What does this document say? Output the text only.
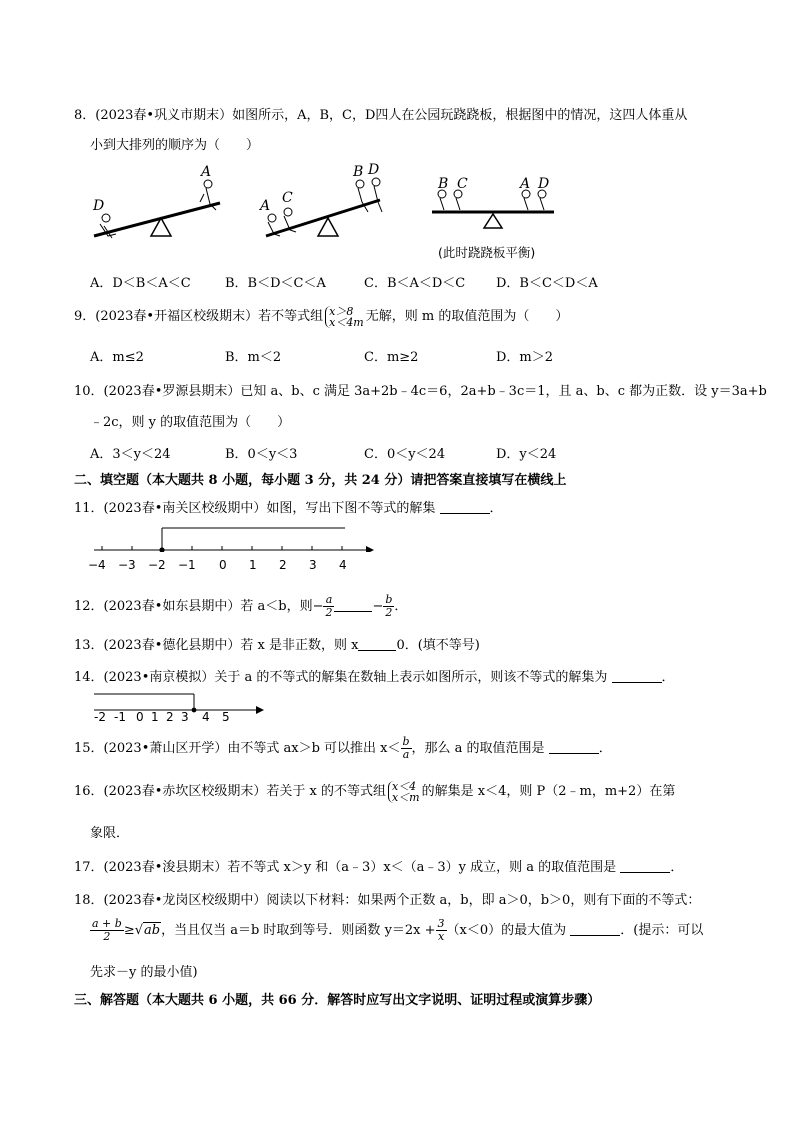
8．(2023春•巩义市期末）如图所示，A，B，C，D四人在公园玩跷跷板，根据图中的情况，这四人体重从
小到大排列的顺序为（　　）
D
A
A C
B D
B C	A D
(此时跷跷板平衡)
A．D＜B＜A＜C	B．B＜D＜C＜A	C．B＜A＜D＜C D．B＜C＜D＜A
9．(2023春•开福区校级期末）若不等式组 x＞8
x＜4m 无解，则 m 的取值范围为（　　）
A．m≤2	B．m＜2	C．m≥2	D．m＞2
10．(2023春•罗源县期末）已知 a、b、c 满足 3a+2b﹣4c＝6，2a+b﹣3c＝1，且 a、b、c 都为正数．设 y＝3a+b
﹣2c，则 y 的取值范围为（　　）
A．3＜y＜24	B．0＜y＜3	C．0＜y＜24	D．y＜24
二、填空题（本大题共 8 小题，每小题 3 分，共 24 分）请把答案直接填写在横线上
11．(2023春•南关区校级期中）如图，写出下图不等式的解集	．
−4 −3 −2 −1 0 1 2 3 4
12．(2023春•如东县期中）若 a＜b，则− $\frac{a}{2}$	− $\frac{b}{2}$ ．
13．(2023春•德化县期中）若 x 是非正数，则 x	0．(填不等号)
14．(2023•南京模拟）关于 a 的不等式的解集在数轴上表示如图所示，则该不等式的解集为	．
-2 -1 0 1 2 3 4 5
15．(2023•萧山区开学）由不等式 ax＞b 可以推出 $x< \frac{b}{a}$ ，那么 a 的取值范围是	．
16．(2023春•赤坎区校级期末）若关于 x 的不等式组 x＜4
x＜m 的解集是 x＜4，则 P（2﹣m，m+2）在第
象限．
17．(2023春•浚县期末）若不等式 x＞y 和（a﹣3）x＜（a﹣3）y 成立，则 a 的取值范围是	．
18．(2023春•龙岗区校级期中）阅读以下材料：如果两个正数 a，b，即 a＞0，b＞0，则有下面的不等式：
$\frac{a + b}{2} \ge√ab$，当且仅当 a＝b 时取到等号．则函数 $y=2x + \frac{3}{x} (x<0)$的最大值为	．(提示：可以
先求－y 的最小值)
三、解答题（本大题共 6 小题，共 66 分．解答时应写出文字说明、证明过程或演算步骤）
